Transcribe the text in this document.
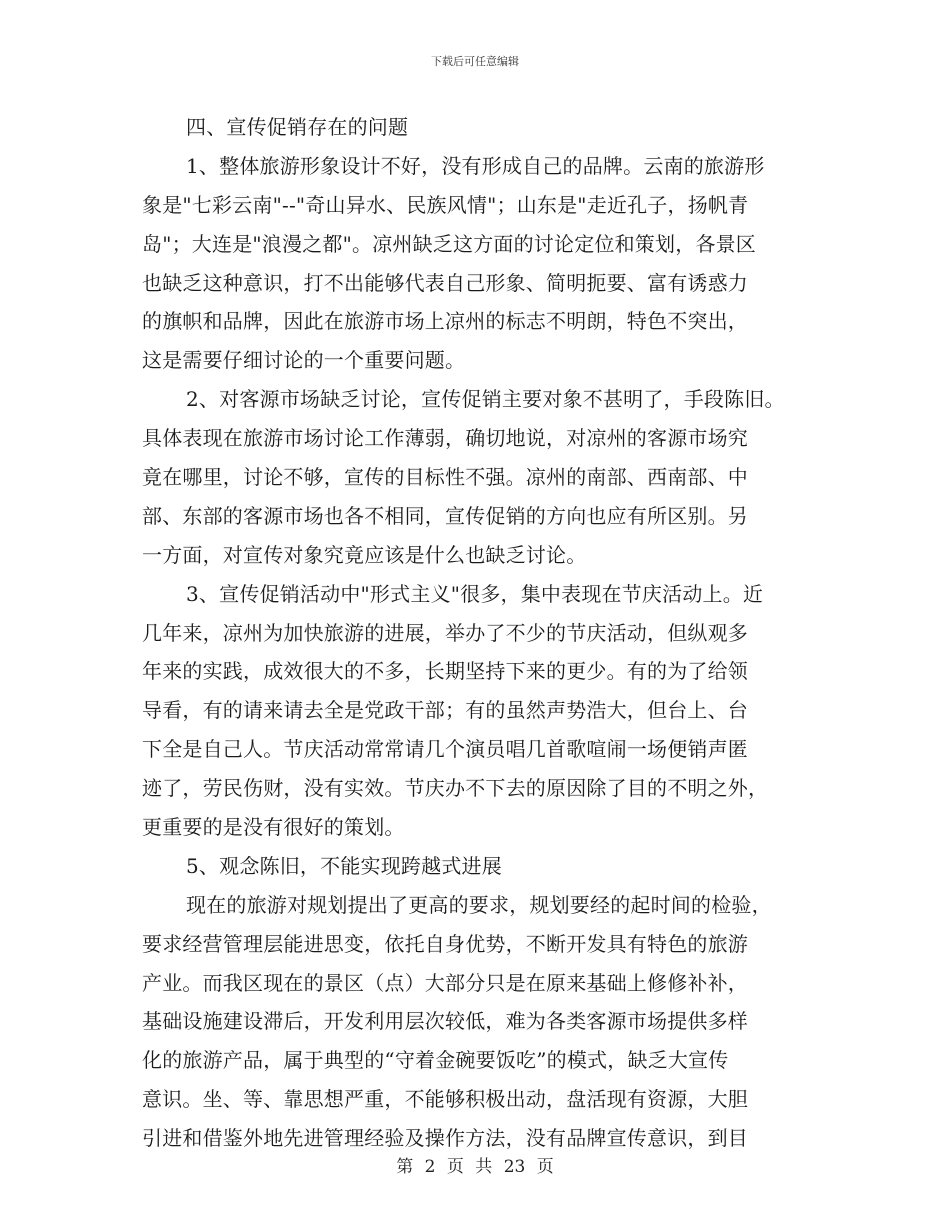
下载后可任意编辑
四、宣传促销存在的问题
1、整体旅游形象设计不好，没有形成自己的品牌。云南的旅游形
象是"七彩云南"--"奇山异水、民族风情"；山东是"走近孔子，扬帆青
岛"；大连是"浪漫之都"。凉州缺乏这方面的讨论定位和策划，各景区
也缺乏这种意识，打不出能够代表自己形象、简明扼要、富有诱惑力
的旗帜和品牌，因此在旅游市场上凉州的标志不明朗，特色不突出，
这是需要仔细讨论的一个重要问题。
2、对客源市场缺乏讨论，宣传促销主要对象不甚明了，手段陈旧。
具体表现在旅游市场讨论工作薄弱，确切地说，对凉州的客源市场究
竟在哪里，讨论不够，宣传的目标性不强。凉州的南部、西南部、中
部、东部的客源市场也各不相同，宣传促销的方向也应有所区别。另
一方面，对宣传对象究竟应该是什么也缺乏讨论。
3、宣传促销活动中"形式主义"很多，集中表现在节庆活动上。近
几年来，凉州为加快旅游的进展，举办了不少的节庆活动，但纵观多
年来的实践，成效很大的不多，长期坚持下来的更少。有的为了给领
导看，有的请来请去全是党政干部；有的虽然声势浩大，但台上、台
下全是自己人。节庆活动常常请几个演员唱几首歌喧闹一场便销声匿
迹了，劳民伤财，没有实效。节庆办不下去的原因除了目的不明之外，
更重要的是没有很好的策划。
5、观念陈旧，不能实现跨越式进展
现在的旅游对规划提出了更高的要求，规划要经的起时间的检验，
要求经营管理层能进思变，依托自身优势，不断开发具有特色的旅游
产业。而我区现在的景区（点）大部分只是在原来基础上修修补补，
基础设施建设滞后，开发利用层次较低，难为各类客源市场提供多样
化的旅游产品，属于典型的“守着金碗要饭吃”的模式，缺乏大宣传
意识。坐、等、靠思想严重，不能够积极出动，盘活现有资源，大胆
引进和借鉴外地先进管理经验及操作方法，没有品牌宣传意识，到目
第 2 页 共 23 页
